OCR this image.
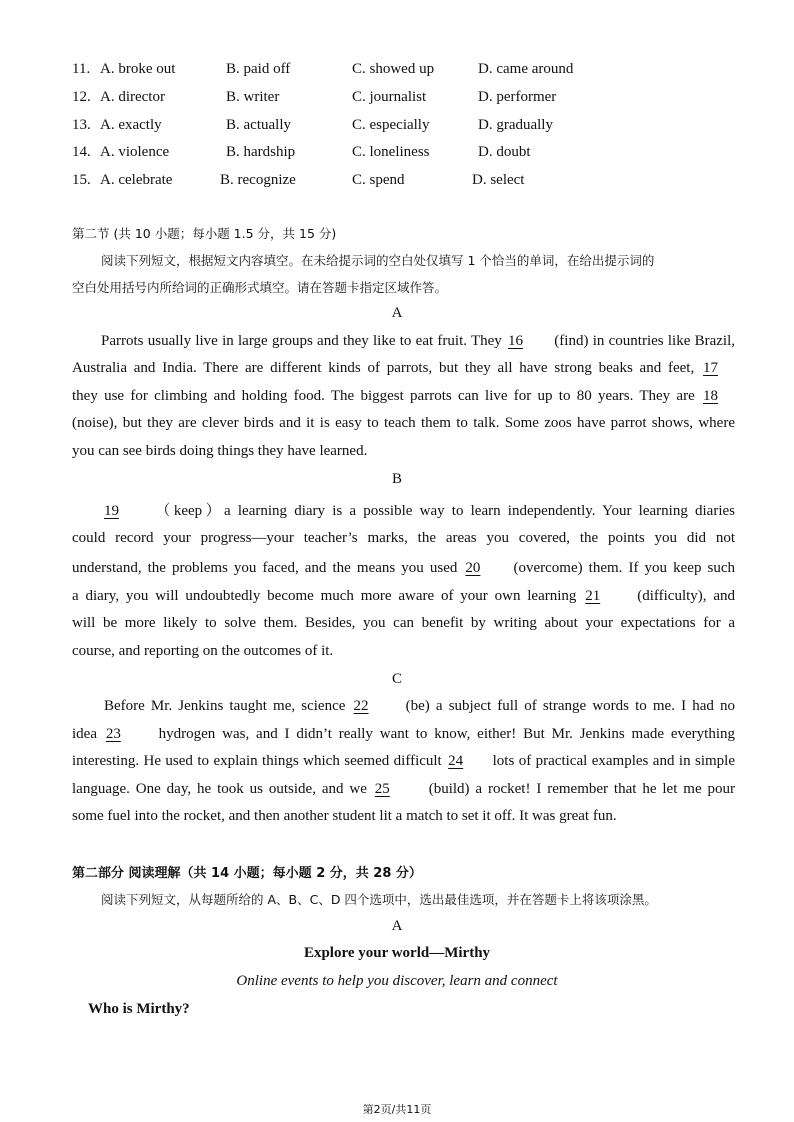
11. A. broke out	B. paid off	C. showed up	D. came around
12. A. director	B. writer	C. journalist	D. performer
13. A. exactly	B. actually	C. especially	D. gradually
14. A. violence	B. hardship	C. loneliness	D. doubt
15. A. celebrate	B. recognize	C. spend	D. select
第二节 (共 10 小题；每小题 1.5 分，共 15 分)
阅读下列短文，根据短文内容填空。在未给提示词的空白处仅填写 1 个恰当的单词，在给出提示词的
空白处用括号内所给词的正确形式填空。请在答题卡指定区域作答。
A
Parrots usually live in large groups and they like to eat fruit. They 16 (find) in countries like Brazil,
Australia and India. There are different kinds of parrots, but they all have strong beaks and feet, 17
they use for climbing and holding food. The biggest parrots can live for up to 80 years. They are 18
(noise), but they are clever birds and it is easy to teach them to talk. Some zoos have parrot shows, where
you can see birds doing things they have learned.
B
19 （keep）a learning diary is a possible way to learn independently. Your learning diaries
could record your progress—your teacher’s marks, the areas you covered, the points you did not
understand, the problems you faced, and the means you used 20 (overcome) them. If you keep such
a diary, you will undoubtedly become much more aware of your own learning 21 (difficulty), and
will be more likely to solve them. Besides, you can benefit by writing about your expectations for a
course, and reporting on the outcomes of it.
C
Before Mr. Jenkins taught me, science 22 (be) a subject full of strange words to me. I had no
idea 23 hydrogen was, and I didn’t really want to know, either! But Mr. Jenkins made everything
interesting. He used to explain things which seemed difficult 24 lots of practical examples and in simple
language. One day, he took us outside, and we 25 (build) a rocket! I remember that he let me pour
some fuel into the rocket, and then another student lit a match to set it off. It was great fun.
第二部分 阅读理解（共 14 小题；每小题 2 分，共 28 分）
阅读下列短文，从每题所给的 A、B、C、D 四个选项中，选出最佳选项，并在答题卡上将该项涂黑。
A
Explore your world—Mirthy
Online events to help you discover, learn and connect
Who is Mirthy?
第2页/共11页
